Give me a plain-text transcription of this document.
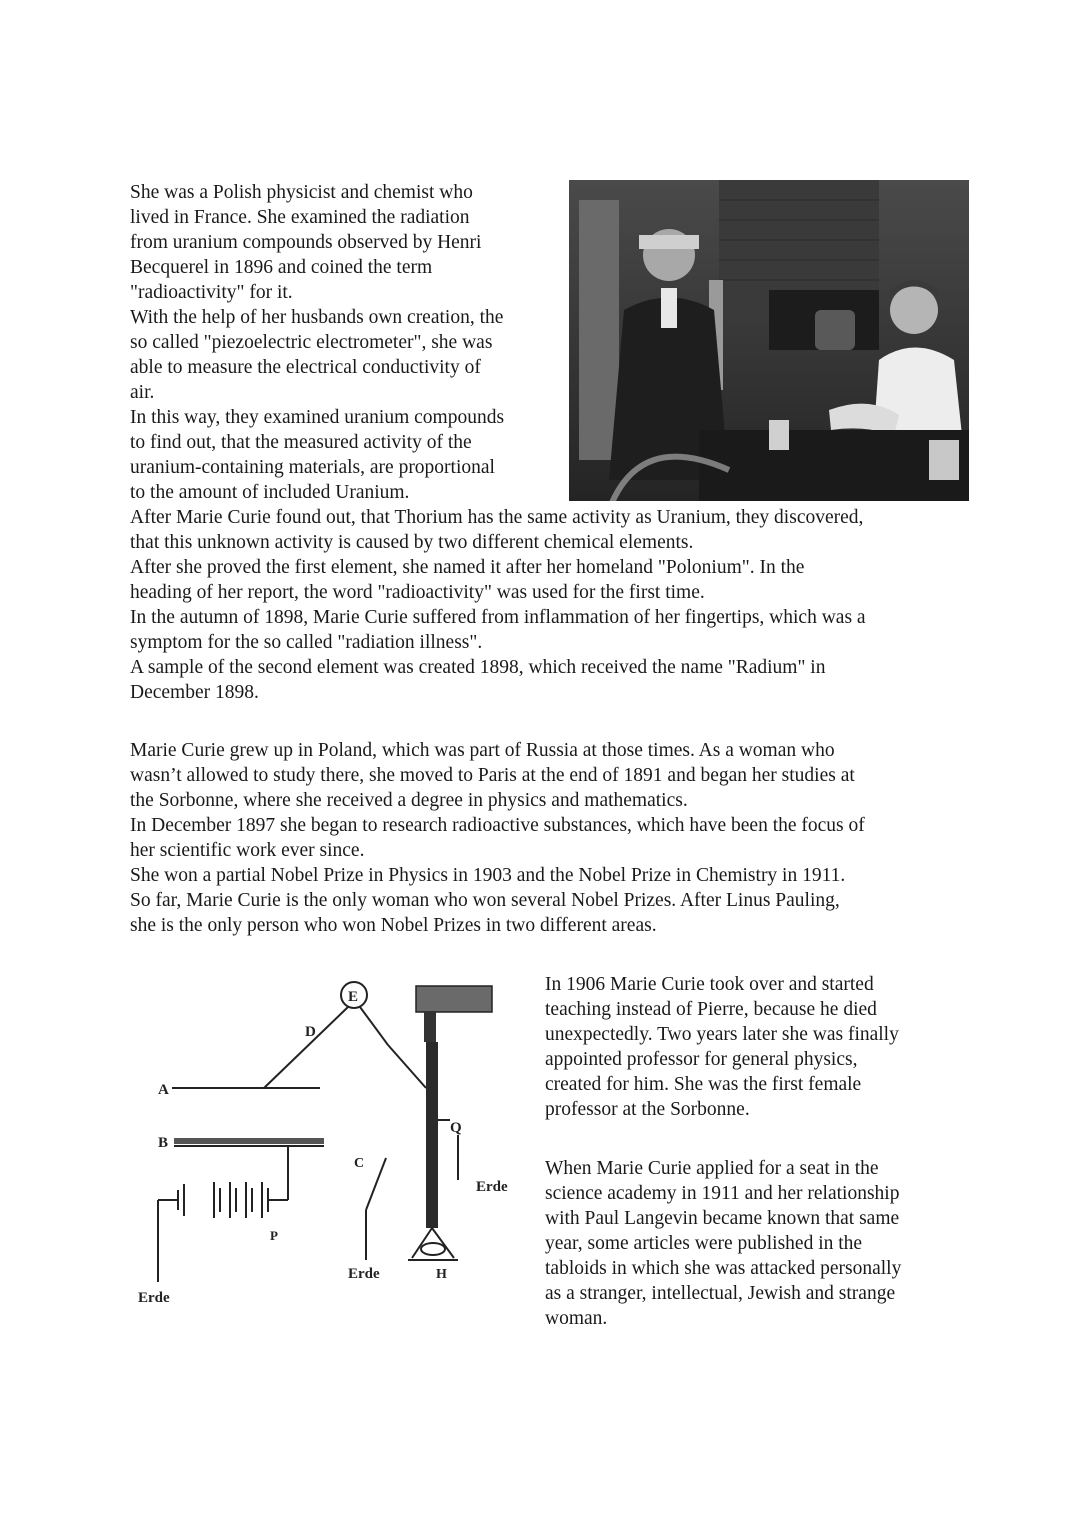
She was a Polish physicist and chemist who
lived in France. She examined the radiation
from uranium compounds observed by Henri
Becquerel in 1896 and coined the term
"radioactivity" for it.
With the help of her husbands own creation, the
so called "piezoelectric electrometer", she was
able to measure the electrical conductivity of
air.
In this way, they examined uranium compounds
to find out, that the measured activity of the
uranium-containing materials, are proportional
to the amount of included Uranium.
After Marie Curie found out, that Thorium has the same activity as Uranium, they discovered,
that this unknown activity is caused by two different chemical elements.
After she proved the first element, she named it after her homeland "Polonium". In the
heading of her report, the word "radioactivity" was used for the first time.
In the autumn of 1898, Marie Curie suffered from inflammation of her fingertips, which was a
symptom for the so called "radiation illness".
A sample of the second element was created 1898, which received the name "Radium" in
December 1898.
Marie Curie grew up in Poland, which was part of Russia at those times. As a woman who
wasn’t allowed to study there, she moved to Paris at the end of 1891 and began her studies at
the Sorbonne, where she received a degree in physics and mathematics.
In December 1897 she began to research radioactive substances, which have been the focus of
her scientific work ever since.
She won a partial Nobel Prize in Physics in 1903 and the Nobel Prize in Chemistry in 1911.
So far, Marie Curie is the only woman who won several Nobel Prizes. After Linus Pauling,
she is the only person who won Nobel Prizes in two different areas.
E
D
A
B
P
Erde
C
Erde
Q
Erde
H
In 1906 Marie Curie took over and started
teaching instead of Pierre, because he died
unexpectedly. Two years later she was finally
appointed professor for general physics,
created for him. She was the first female
professor at the Sorbonne.
When Marie Curie applied for a seat in the
science academy in 1911 and her relationship
with Paul Langevin became known that same
year, some articles were published in the
tabloids in which she was attacked personally
as a stranger, intellectual, Jewish and strange
woman.
